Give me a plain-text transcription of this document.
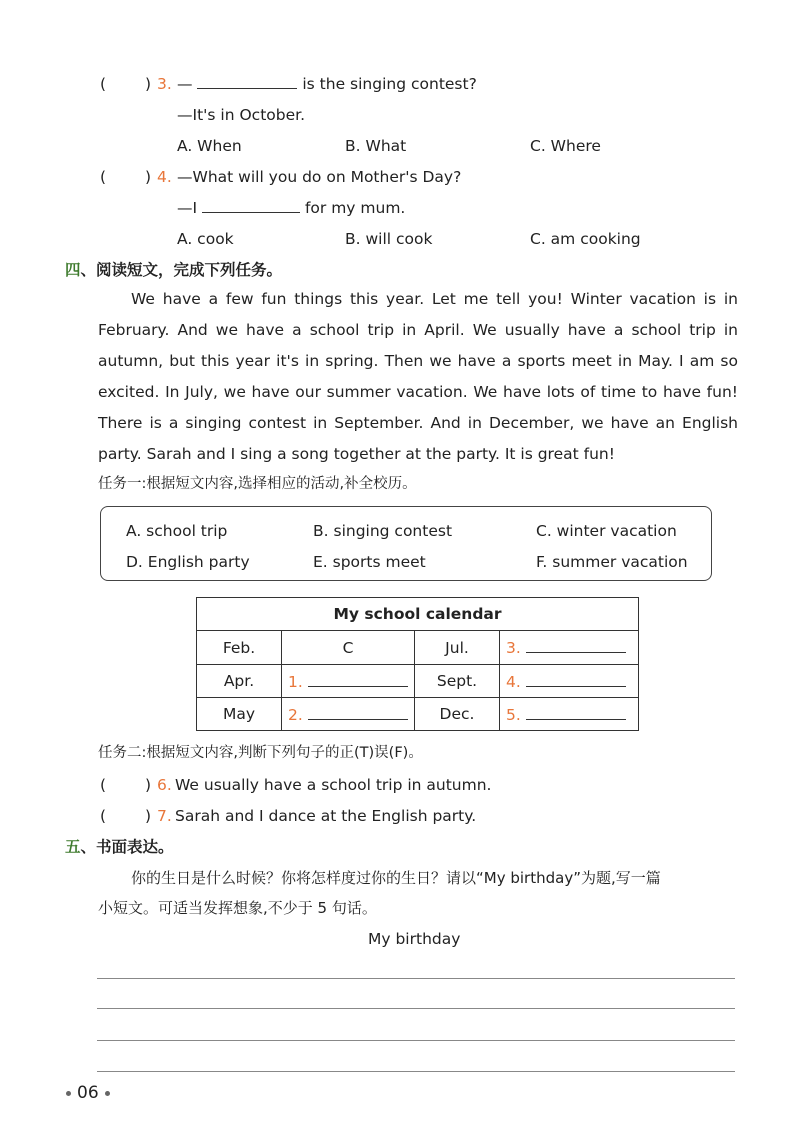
(	) 3. —	is the singing contest?
—It's in October.
A. When	B. What	C. Where
(	) 4. —What will you do on Mother's Day?
—I	for my mum.
A. cook	B. will cook	C. am cooking
四、阅读短文，完成下列任务。
We have a few fun things this year. Let me tell you! Winter vacation is in
February. And we have a school trip in April. We usually have a school trip in
autumn, but this year it's in spring. Then we have a sports meet in May. I am so
excited. In July, we have our summer vacation. We have lots of time to have fun!
There is a singing contest in September. And in December, we have an English
party. Sarah and I sing a song together at the party. It is great fun!
任务一:根据短文内容,选择相应的活动,补全校历。
A. school trip	B. singing contest	C. winter vacation
D. English party	E. sports meet	F. summer vacation
My school calendar			
Feb.	C	Jul.	3.
Apr.	1.	Sept.	4.
May	2.	Dec.	5.
任务二:根据短文内容,判断下列句子的正(T)误(F)。
(	) 6. We usually have a school trip in autumn.
(	) 7. Sarah and I dance at the English party.
五、书面表达。
你的生日是什么时候？你将怎样度过你的生日？请以“My birthday”为题,写一篇
小短文。可适当发挥想象,不少于 5 句话。
My birthday
06
